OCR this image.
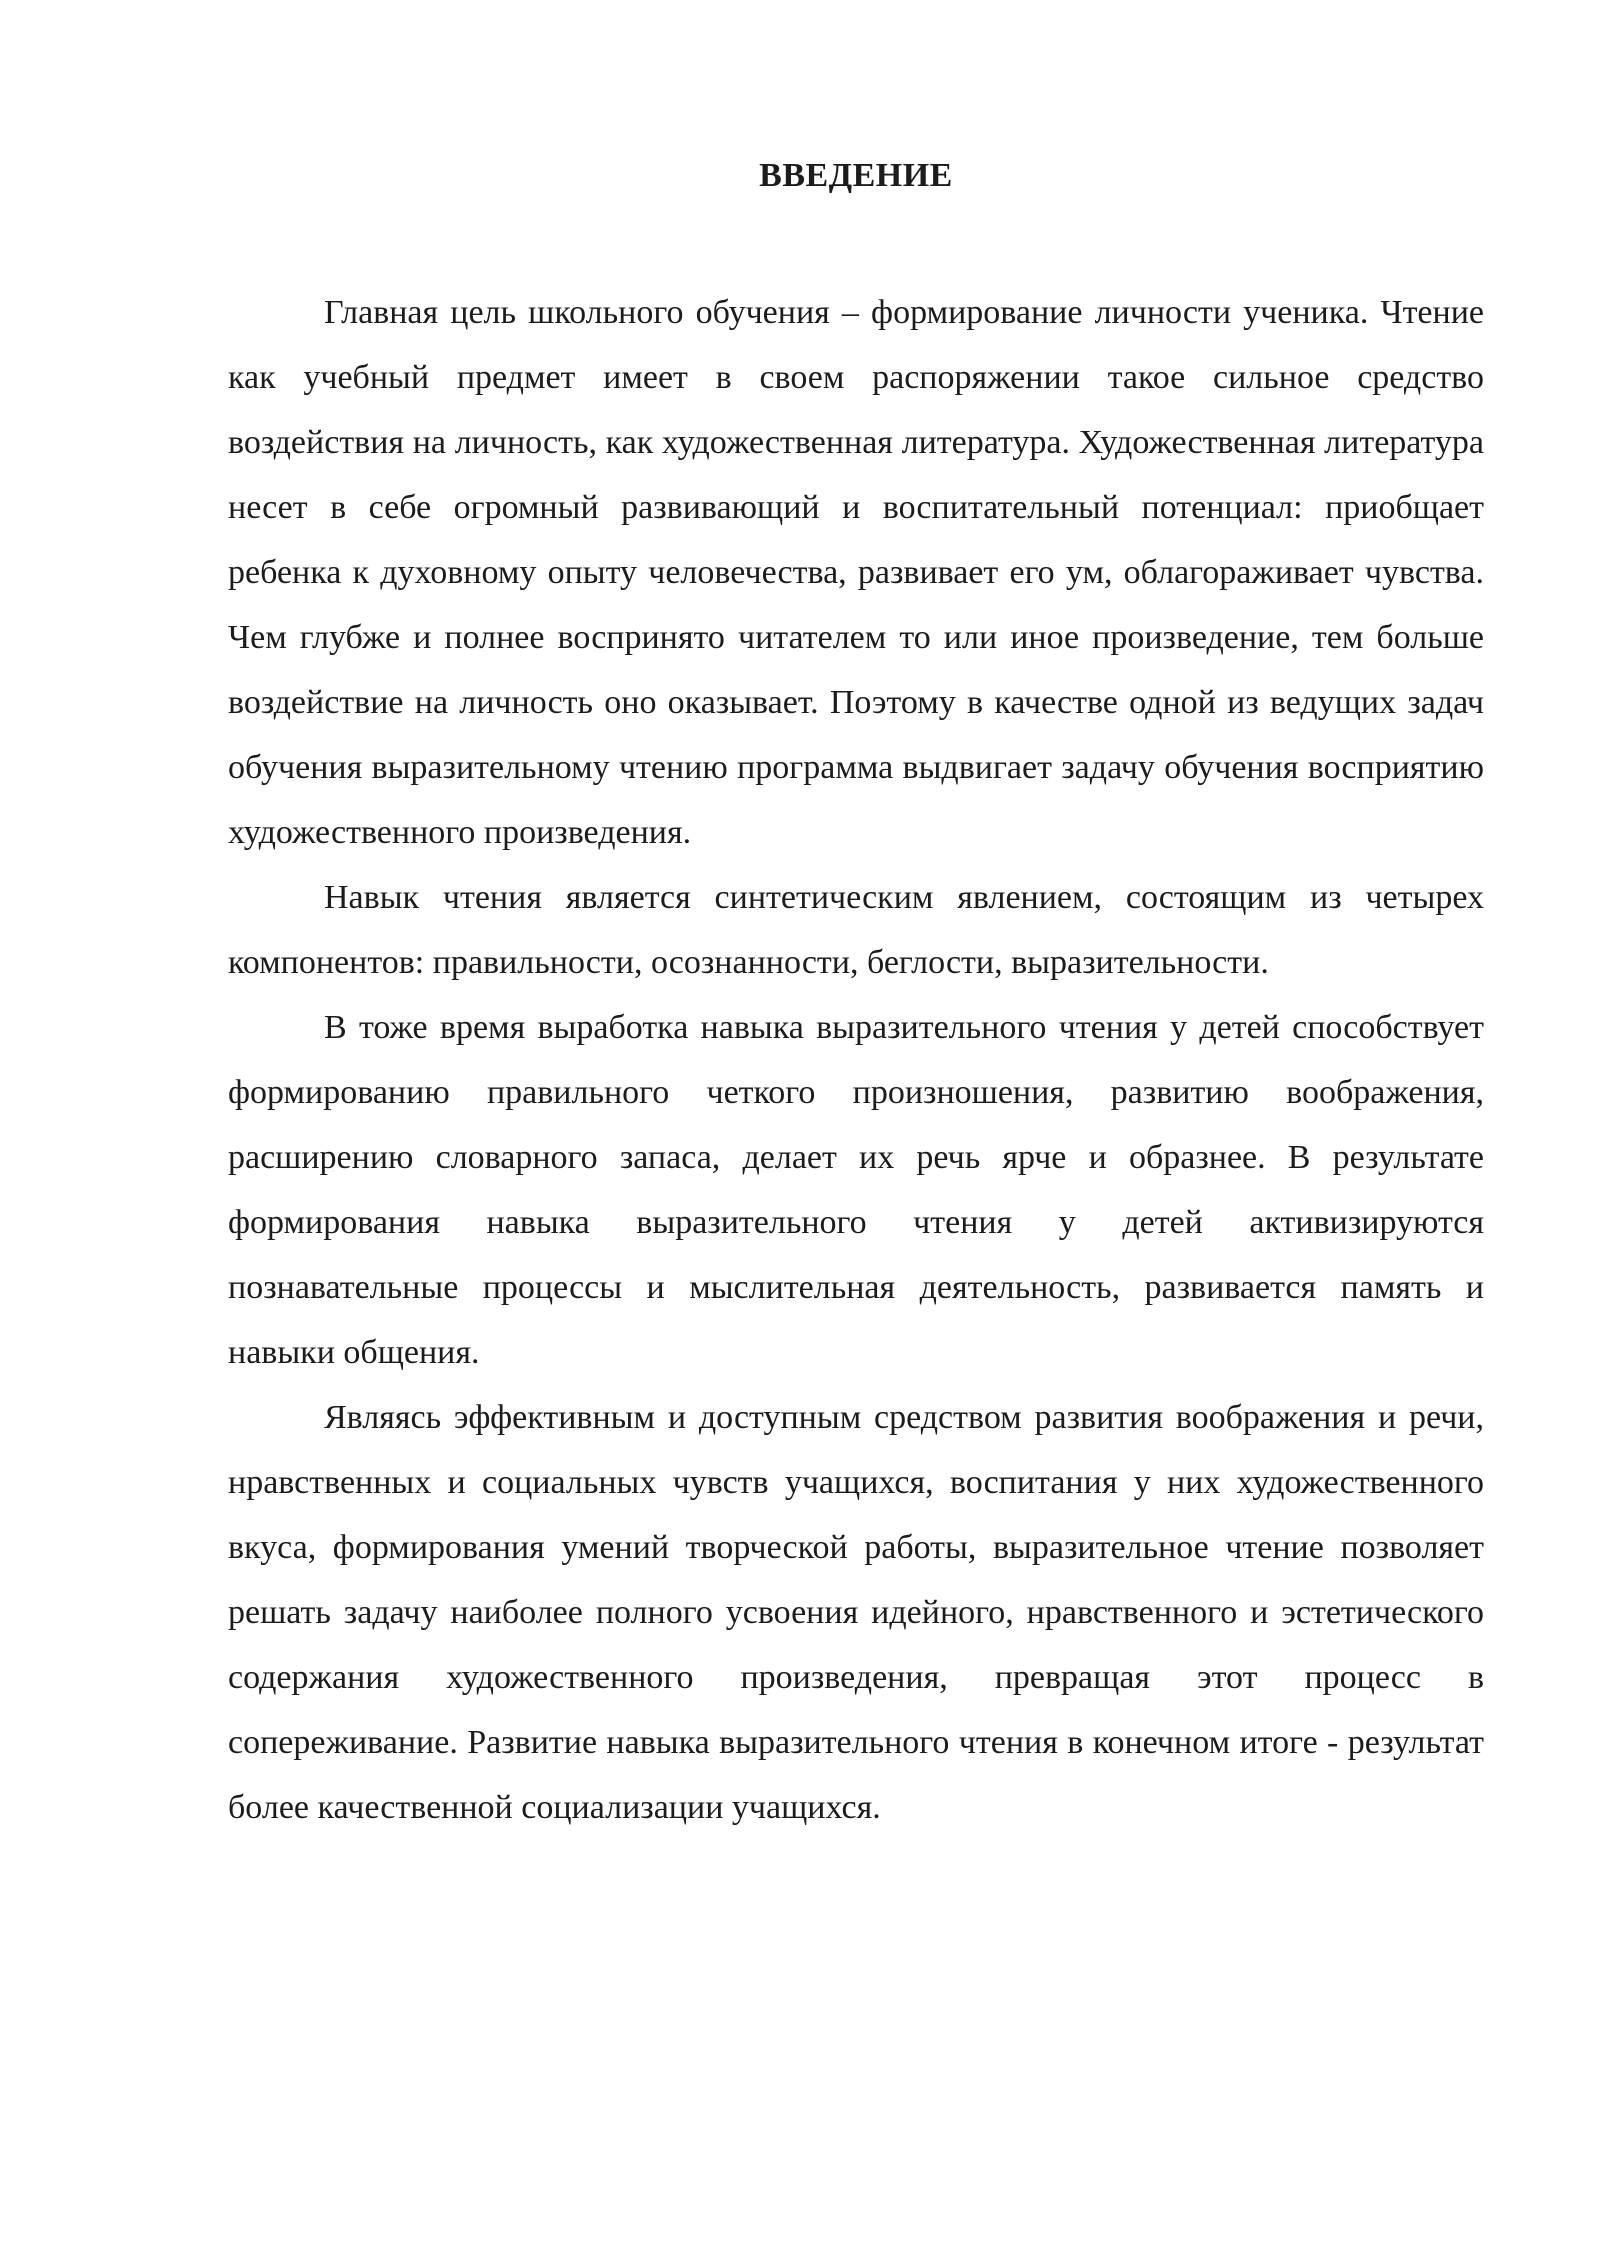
ВВЕДЕНИЕ

Главная цель школьного обучения – формирование личности ученика. Чтение как учебный предмет имеет в своем распоряжении такое сильное средство воздействия на личность, как художественная литература. Художественная литература несет в себе огромный развивающий и воспитательный потенциал: приобщает ребенка к духовному опыту человечества, развивает его ум, облагораживает чувства. Чем глубже и полнее воспринято читателем то или иное произведение, тем больше воздействие на личность оно оказывает. Поэтому в качестве одной из ведущих задач обучения выразительному чтению программа выдвигает задачу обучения восприятию художественного произведения.

Навык чтения является синтетическим явлением, состоящим из четырех компонентов: правильности, осознанности, беглости, выразительности.

В тоже время выработка навыка выразительного чтения у детей способствует формированию правильного четкого произношения, развитию воображения, расширению словарного запаса, делает их речь ярче и образнее. В результате формирования навыка выразительного чтения у детей активизируются познавательные процессы и мыслительная деятельность, развивается память и навыки общения.

Являясь эффективным и доступным средством развития воображения и речи, нравственных и социальных чувств учащихся, воспитания у них художественного вкуса, формирования умений творческой работы, выразительное чтение позволяет решать задачу наиболее полного усвоения идейного, нравственного и эстетического содержания художественного произведения, превращая этот процесс в сопереживание. Развитие навыка выразительного чтения в конечном итоге - результат более качественной социализации учащихся.
